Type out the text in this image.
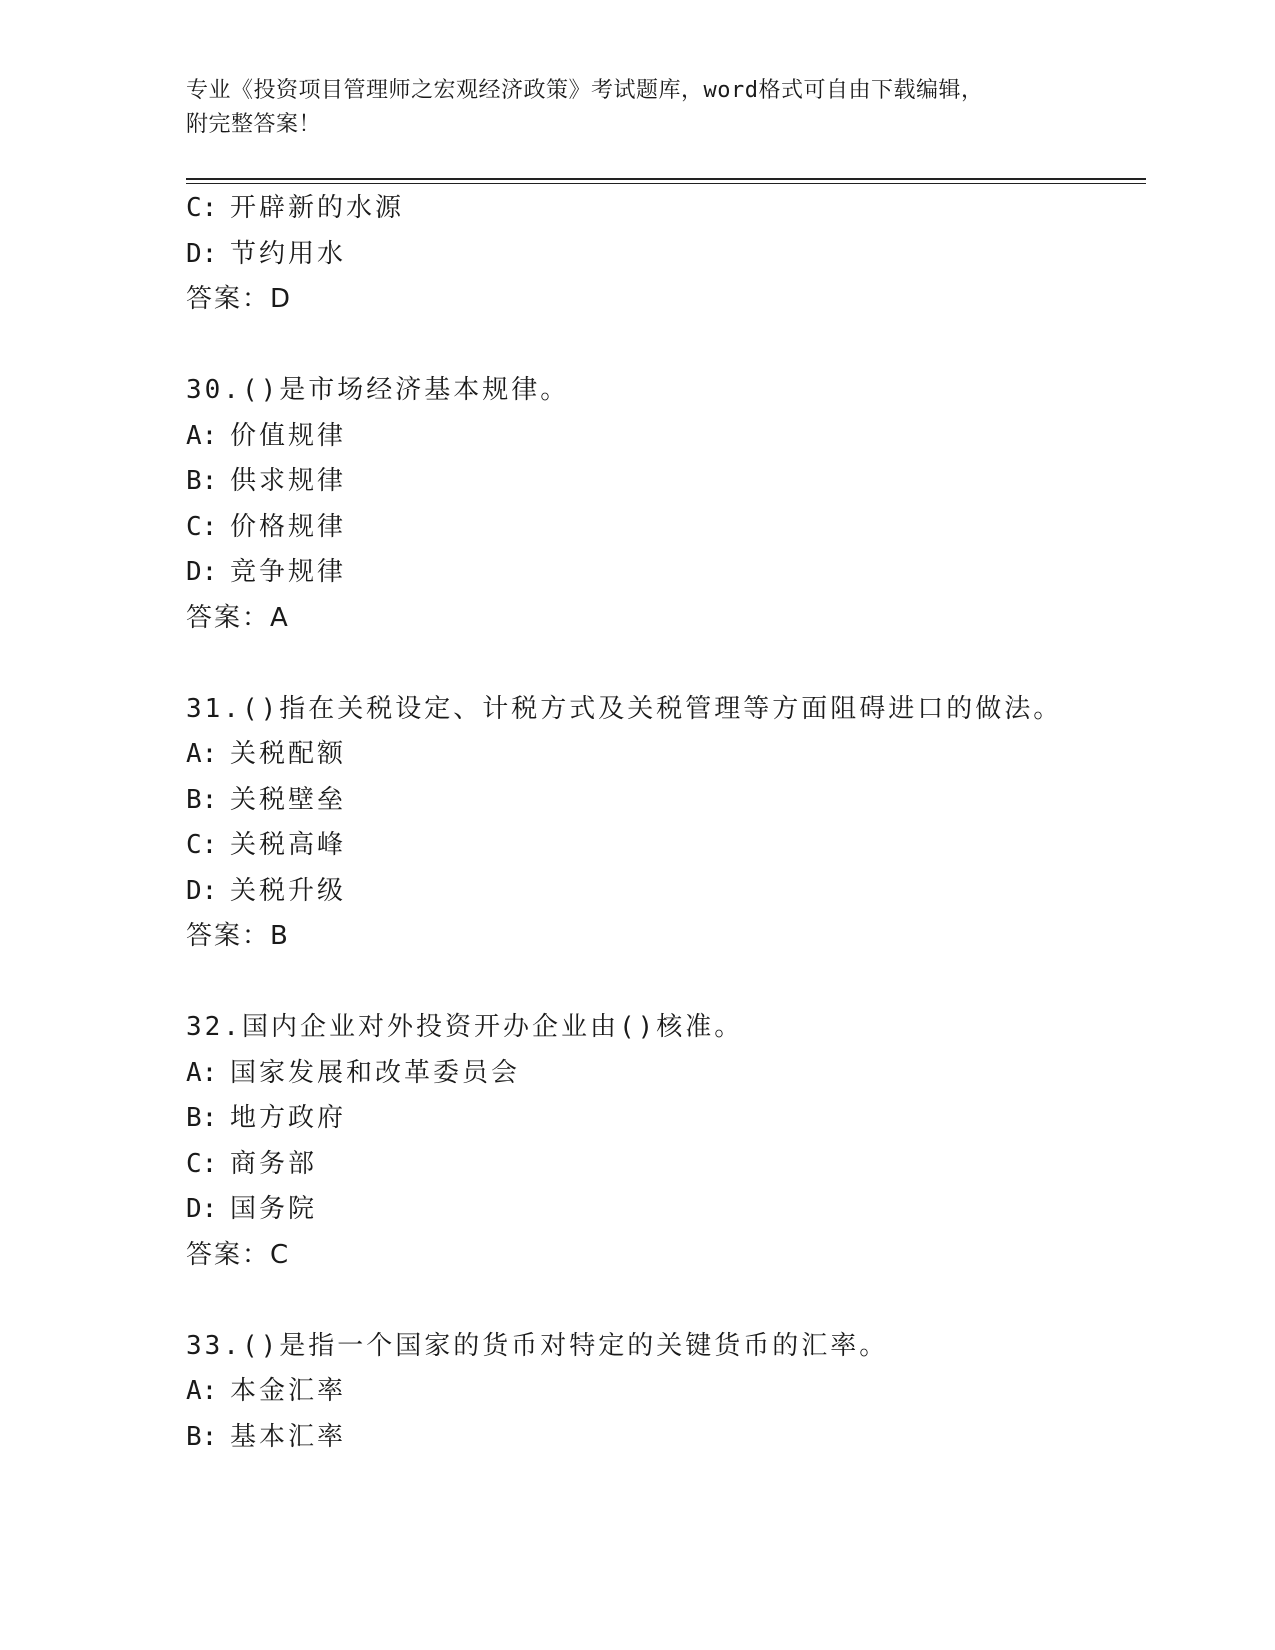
专业《投资项目管理师之宏观经济政策》考试题库，word格式可自由下载编辑，
附完整答案！
C: 开辟新的水源
D: 节约用水
答案：D
30.()是市场经济基本规律。
A: 价值规律
B: 供求规律
C: 价格规律
D: 竞争规律
答案：A
31.()指在关税设定、计税方式及关税管理等方面阻碍进口的做法。
A: 关税配额
B: 关税壁垒
C: 关税高峰
D: 关税升级
答案：B
32.国内企业对外投资开办企业由()核准。
A: 国家发展和改革委员会
B: 地方政府
C: 商务部
D: 国务院
答案：C
33.()是指一个国家的货币对特定的关键货币的汇率。
A: 本金汇率
B: 基本汇率
